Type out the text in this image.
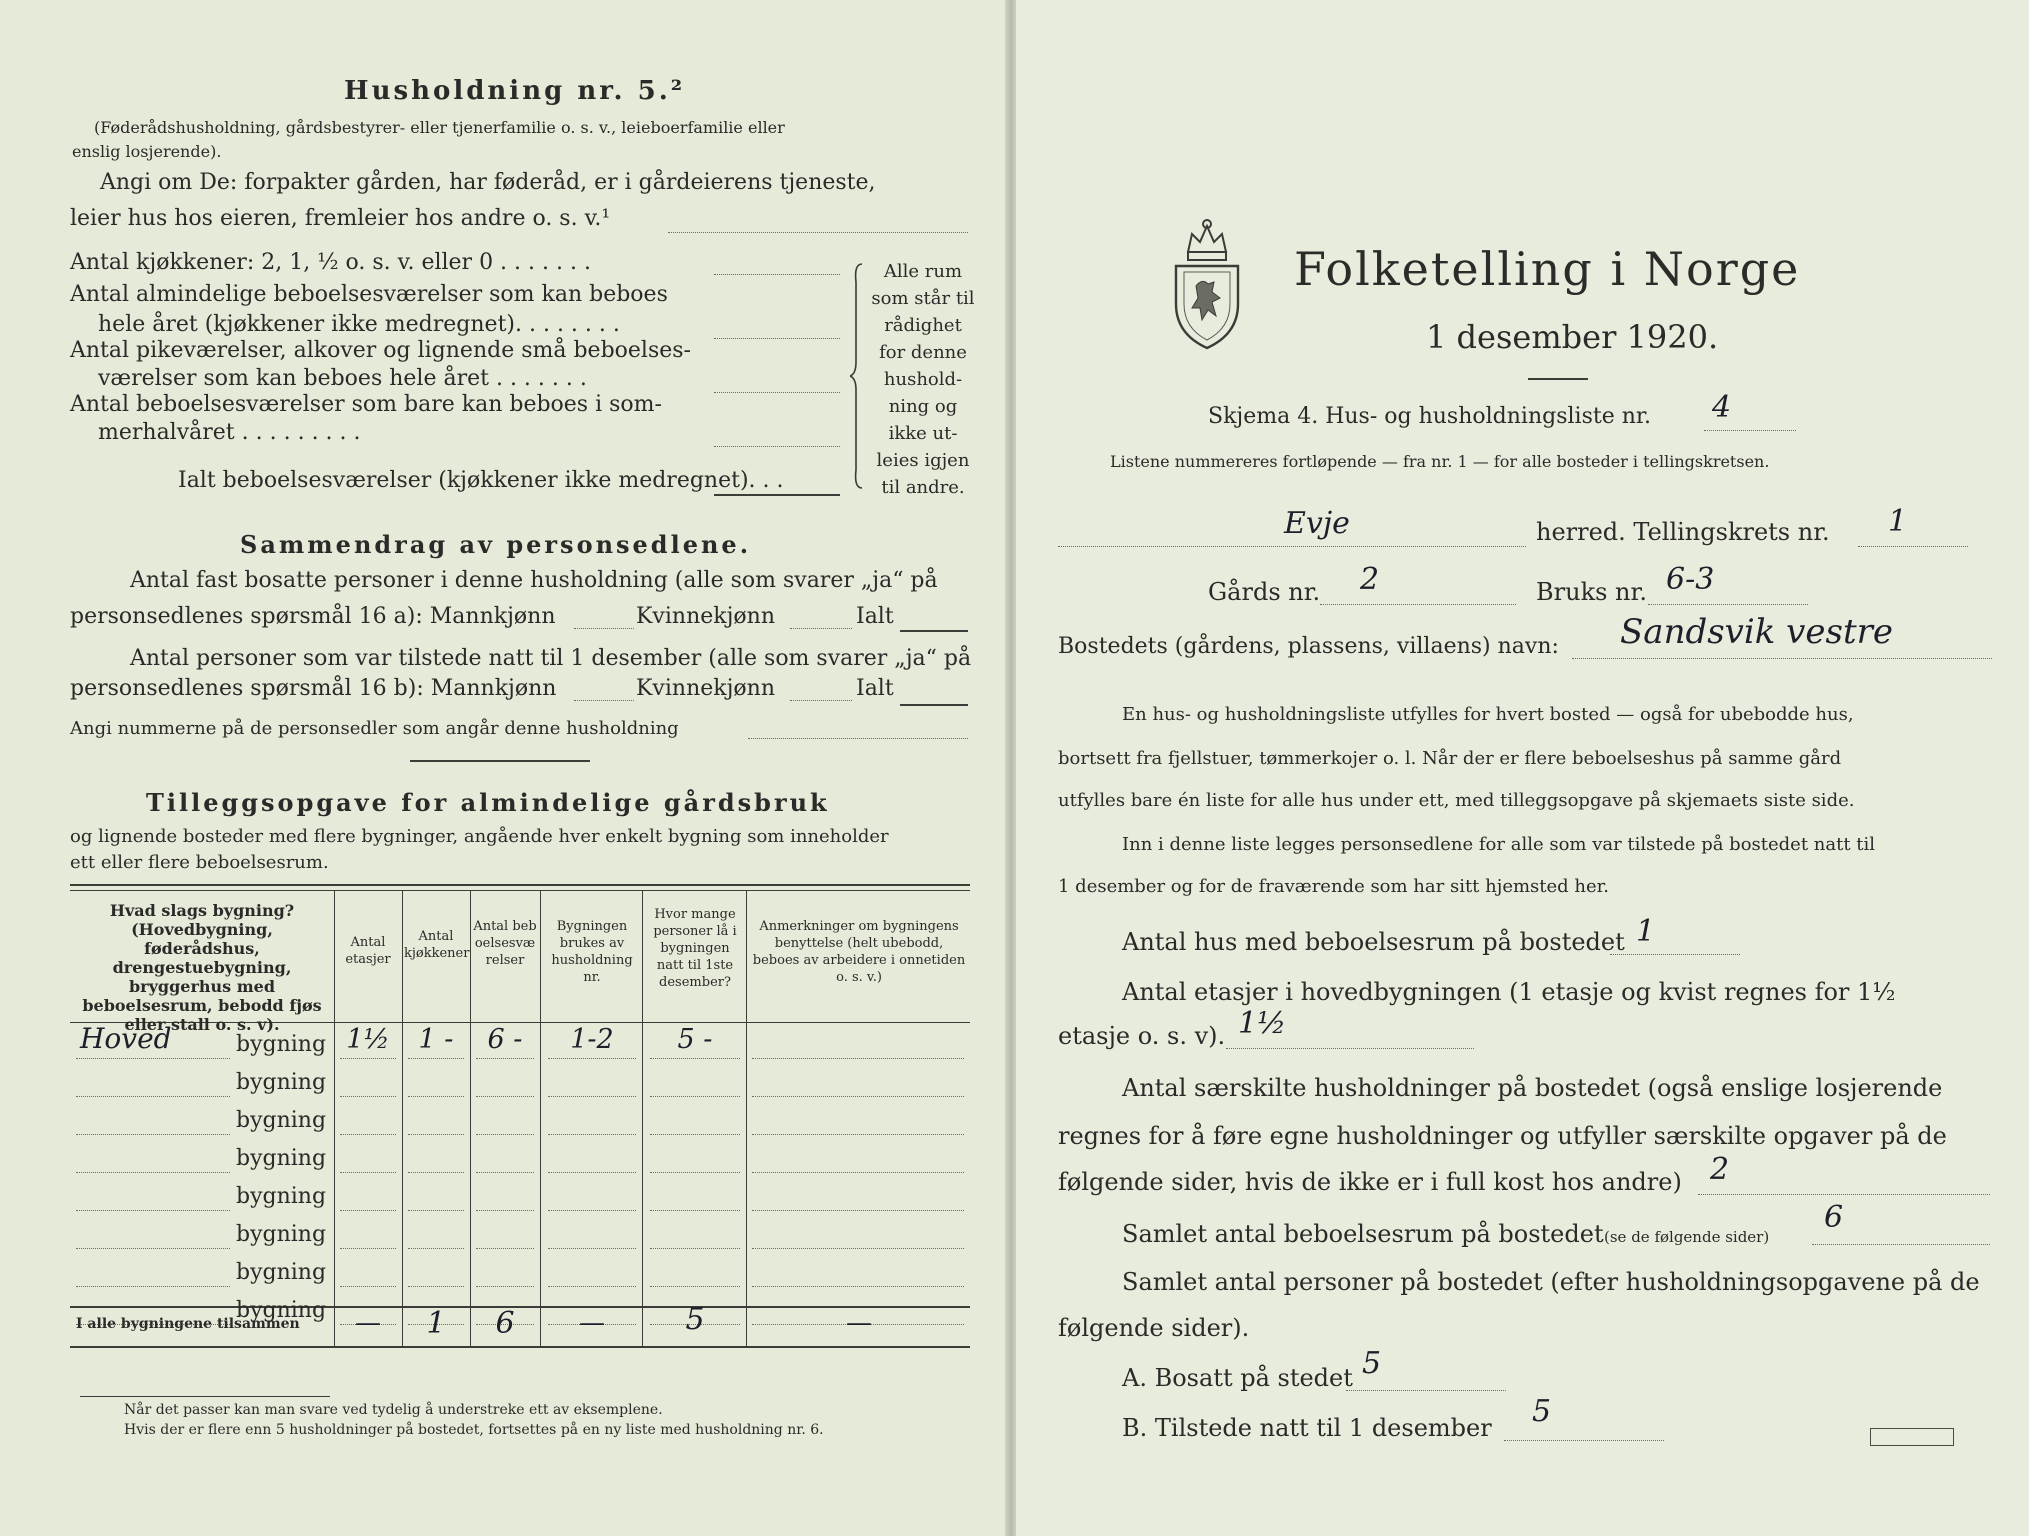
Husholdning nr. 5.²
(Føderådshusholdning, gårdsbestyrer- eller tjenerfamilie o. s. v., leieboerfamilie eller
enslig losjerende).
Angi om De: forpakter gården, har føderåd, er i gårdeierens tjeneste,
leier hus hos eieren, fremleier hos andre o. s. v.¹
Antal kjøkkener: 2, 1, ½ o. s. v. eller 0 . . . . . . .
Antal almindelige beboelsesværelser som kan beboes
hele året (kjøkkener ikke medregnet). . . . . . . .
Antal pikeværelser, alkover og lignende små beboelses-
værelser som kan beboes hele året . . . . . . .
Antal beboelsesværelser som bare kan beboes i som-
merhalvåret . . . . . . . . .
Ialt beboelsesværelser (kjøkkener ikke medregnet). . .
Alle rum
som står til
rådighet
for denne
hushold-
ning og
ikke ut-
leies igjen
til andre.
Sammendrag av personsedlene.
Antal fast bosatte personer i denne husholdning (alle som svarer „ja“ på
personsedlenes spørsmål 16 a): Mannkjønn	Kvinnekjønn	Ialt
Antal personer som var tilstede natt til 1 desember (alle som svarer „ja“ på
personsedlenes spørsmål 16 b): Mannkjønn	Kvinnekjønn	Ialt
Angi nummerne på de personsedler som angår denne husholdning
Tilleggsopgave for almindelige gårdsbruk
og lignende bosteder med flere bygninger, angående hver enkelt bygning som inneholder
ett eller flere beboelsesrum.
Hvad slags bygning? (Hovedbygning, føderådshus, drengestuebygning, bryggerhus med beboelsesrum, bebodd fjøs eller stall o. s. v).
Antal etasjer
Antal kjøkkener
Antal beboelsesværelser
Bygningen brukes av husholdning nr.
Hvor mange personer lå i bygningen natt til 1ste desember?
Anmerkninger om bygningens benyttelse (helt ubebodd, beboes av arbeidere i onnetiden o. s. v.)
Hoved	bygning 1½	1 -	6 -	1-2	5 -
bygning
bygning
bygning
bygning
bygning
bygning
bygning
I alle bygningene tilsammen	—	1	6	—	5	—
Når det passer kan man svare ved tydelig å understreke ett av eksemplene.
Hvis der er flere enn 5 husholdninger på bostedet, fortsettes på en ny liste med husholdning nr. 6.
Folketelling i Norge
1 desember 1920.
Skjema 4. Hus- og husholdningsliste nr. 4
Listene nummereres fortløpende — fra nr. 1 — for alle bosteder i tellingskretsen.
Evje	herred. Tellingskrets nr. 1
Gårds nr. 2	Bruks nr. 6-3
Bostedets (gårdens, plassens, villaens) navn: Sandsvik vestre
En hus- og husholdningsliste utfylles for hvert bosted — også for ubebodde hus,
bortsett fra fjellstuer, tømmerkojer o. l. Når der er flere beboelseshus på samme gård
utfylles bare én liste for alle hus under ett, med tilleggsopgave på skjemaets siste side.
Inn i denne liste legges personsedlene for alle som var tilstede på bostedet natt til
1 desember og for de fraværende som har sitt hjemsted her.
Antal hus med beboelsesrum på bostedet 1
Antal etasjer i hovedbygningen (1 etasje og kvist regnes for 1½
etasje o. s. v). 1½
Antal særskilte husholdninger på bostedet (også enslige losjerende
regnes for å føre egne husholdninger og utfyller særskilte opgaver på de
følgende sider, hvis de ikke er i full kost hos andre) 2
Samlet antal beboelsesrum på bostedet (se de følgende sider)
6
Samlet antal personer på bostedet (efter husholdningsopgavene på de
følgende sider).
A. Bosatt på stedet 5
B. Tilstede natt til 1 desember 5
